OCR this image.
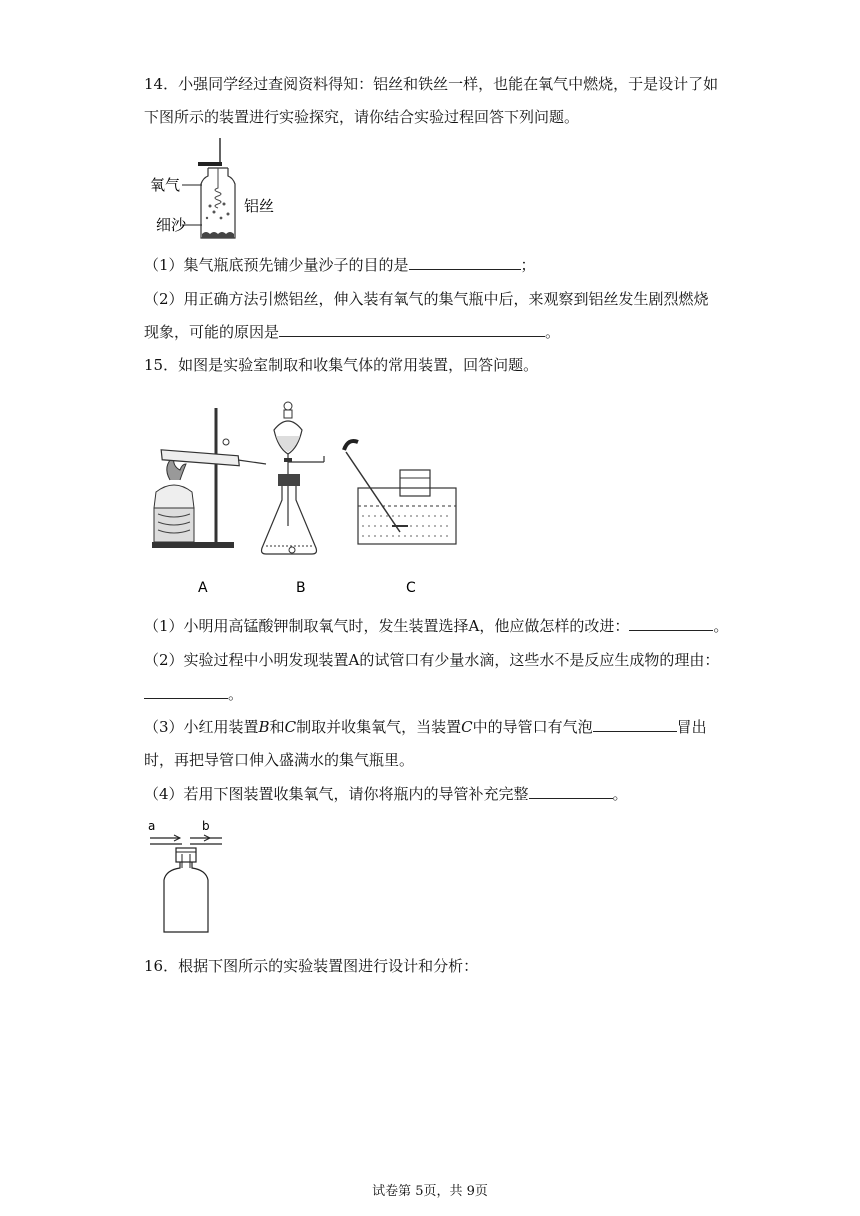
14．小强同学经过查阅资料得知：铝丝和铁丝一样，也能在氧气中燃烧，于是设计了如
下图所示的装置进行实验探究，请你结合实验过程回答下列问题。
氧气
细沙
铝丝
（1）集气瓶底预先铺少量沙子的目的是	；
（2）用正确方法引燃铝丝，伸入装有氧气的集气瓶中后，来观察到铝丝发生剧烈燃烧
现象，可能的原因是	。
15．如图是实验室制取和收集气体的常用装置，回答问题。
A	B	C
（1）小明用高锰酸钾制取氧气时，发生装置选择A，他应做怎样的改进：	。
（2）实验过程中小明发现装置A的试管口有少量水滴，这些水不是反应生成物的理由：
。
（3）小红用装置B和C制取并收集氧气，当装置C中的导管口有气泡	冒出
时，再把导管口伸入盛满水的集气瓶里。
（4）若用下图装置收集氧气，请你将瓶内的导管补充完整	。
a	b
16．根据下图所示的实验装置图进行设计和分析：
试卷第 5页，共 9页
